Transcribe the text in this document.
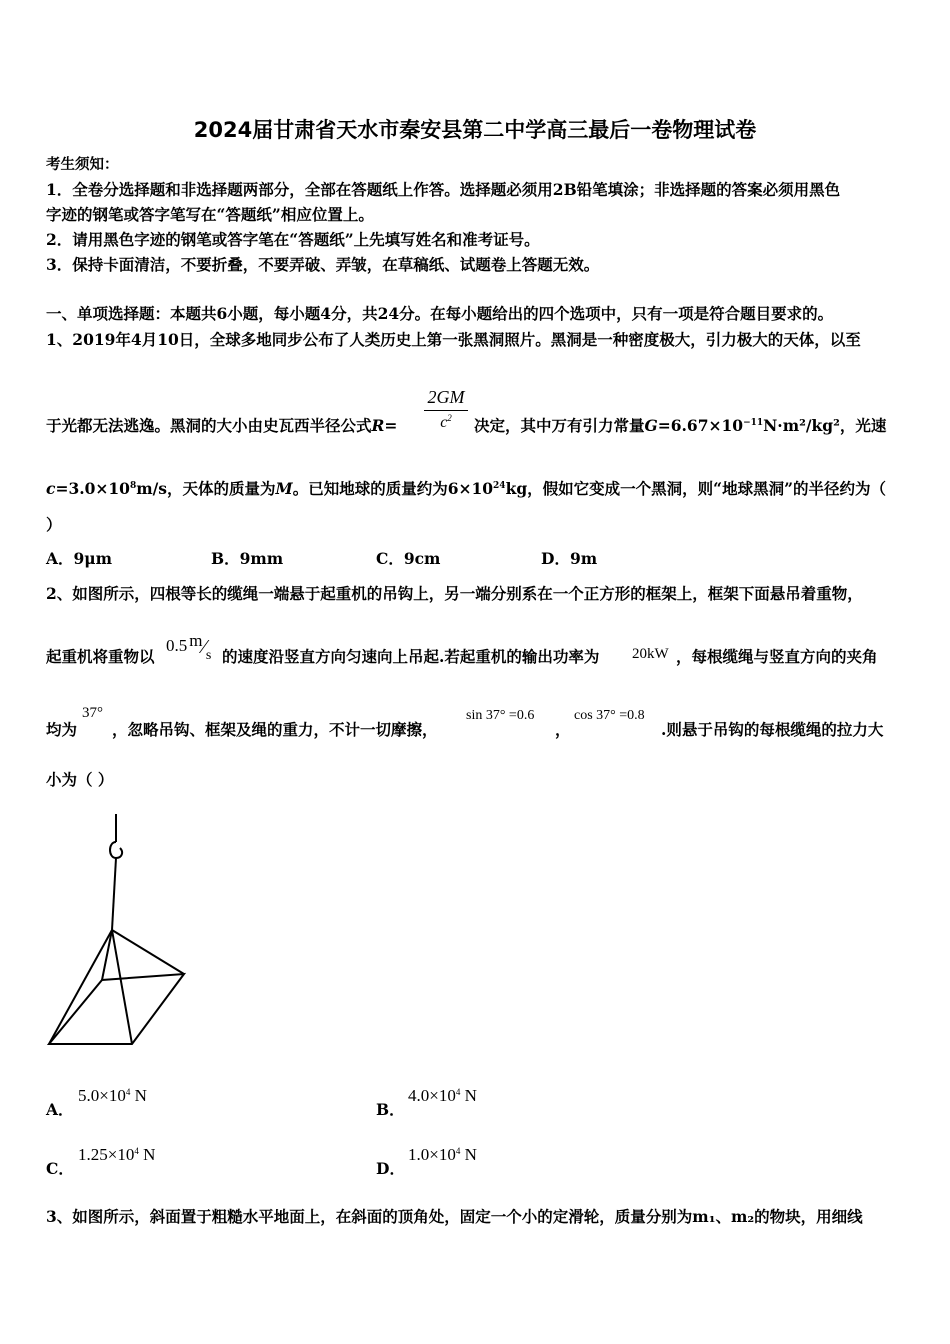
2024届甘肃省天水市秦安县第二中学高三最后一卷物理试卷
考生须知：
1．全卷分选择题和非选择题两部分，全部在答题纸上作答。选择题必须用2B铅笔填涂；非选择题的答案必须用黑色
字迹的钢笔或答字笔写在“答题纸”相应位置上。
2．请用黑色字迹的钢笔或答字笔在“答题纸”上先填写姓名和准考证号。
3．保持卡面清洁，不要折叠，不要弄破、弄皱，在草稿纸、试题卷上答题无效。
一、单项选择题：本题共6小题，每小题4分，共24分。在每小题给出的四个选项中，只有一项是符合题目要求的。
1、2019年4月10日，全球多地同步公布了人类历史上第一张黑洞照片。黑洞是一种密度极大，引力极大的天体，以至
于光都无法逃逸。黑洞的大小由史瓦西半径公式R=
2GM
$c^2$	决定，其中万有引力常量$G=6.67\times 10^{-11}N\cdot m^2$/kg²，光速
$c=3.0\times 10^8m/s$，天体的质量为M。已知地球的质量约为$6\times 10^{24}kg$，假如它变成一个黑洞，则“地球黑洞”的半径约为（
）
A．9μm	B．9mm	C．9cm	D．9m
2、如图所示，四根等长的缆绳一端悬于起重机的吊钩上，另一端分别系在一个正方形的框架上，框架下面悬吊着重物，
起重机将重物以
0.5 $m⁄_s$ 的速度沿竖直方向匀速向上吊起.若起重机的输出功率为 20kW ，每根缆绳与竖直方向的夹角
均为
37°
，忽略吊钩、框架及绳的重力，不计一切摩擦，
sin 37° =0.6
，
cos 37° =0.8
.则悬于吊钩的每根缆绳的拉力大
小为（ ）
A．
$5.0\times 10^4$ N
B．
$4.0\times 10^4$ N
C．
$1.25\times 10^4$ N
D．
$1.0\times 10^4$ N
3、如图所示，斜面置于粗糙水平地面上，在斜面的顶角处，固定一个小的定滑轮，质量分别为m₁、m₂的物块，用细线
